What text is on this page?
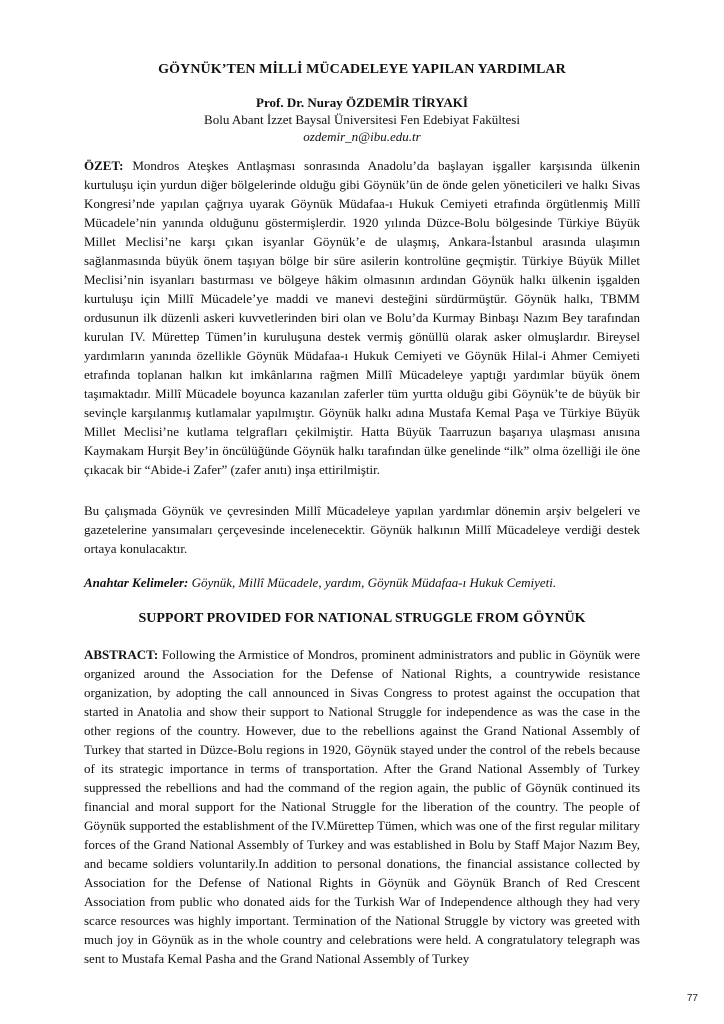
GÖYNÜK’TEN MİLLİ MÜCADELEYE YAPILAN YARDIMLAR
Prof. Dr. Nuray ÖZDEMİR TİRYAKİ
Bolu Abant İzzet Baysal Üniversitesi Fen Edebiyat Fakültesi
ozdemir_n@ibu.edu.tr

ÖZET: Mondros Ateşkes Antlaşması sonrasında Anadolu’da başlayan işgaller karşısında ülkenin kurtuluşu için yurdun diğer bölgelerinde olduğu gibi Göynük’ün de önde gelen yöneticileri ve halkı Sivas Kongresi’nde yapılan çağrıya uyarak Göynük Müdafaa-ı Hukuk Cemiyeti etrafında örgütlenmiş Millî Mücadele’nin yanında olduğunu göstermişlerdir. 1920 yılında Düzce-Bolu bölgesinde Türkiye Büyük Millet Meclisi’ne karşı çıkan isyanlar Göynük’e de ulaşmış, Ankara-İstanbul arasında ulaşımın sağlanmasında büyük önem taşıyan bölge bir süre asilerin kontrolüne geçmiştir. Türkiye Büyük Millet Meclisi’nin isyanları bastırması ve bölgeye hâkim olmasının ardından Göynük halkı ülkenin işgalden kurtuluşu için Millî Mücadele’ye maddi ve manevi desteğini sürdürmüştür. Göynük halkı, TBMM ordusunun ilk düzenli askeri kuvvetlerinden biri olan ve Bolu’da Kurmay Binbaşı Nazım Bey tarafından kurulan IV. Mürettep Tümen’in kuruluşuna destek vermiş gönüllü olarak asker olmuşlardır. Bireysel yardımların yanında özellikle Göynük Müdafaa-ı Hukuk Cemiyeti ve Göynük Hilal-i Ahmer Cemiyeti etrafında toplanan halkın kıt imkânlarına rağmen Millî Mücadeleye yaptığı yardımlar büyük önem taşımaktadır. Millî Mücadele boyunca kazanılan zaferler tüm yurtta olduğu gibi Göynük’te de büyük bir sevinçle karşılanmış kutlamalar yapılmıştır. Göynük halkı adına Mustafa Kemal Paşa ve Türkiye Büyük Millet Meclisi’ne kutlama telgrafları çekilmiştir. Hatta Büyük Taarruzun başarıya ulaşması anısına Kaymakam Hurşit Bey’in öncülüğünde Göynük halkı tarafından ülke genelinde “ilk” olma özelliği ile öne çıkacak bir “Abide-i Zafer” (zafer anıtı) inşa ettirilmiştir.

Bu çalışmada Göynük ve çevresinden Millî Mücadeleye yapılan yardımlar dönemin arşiv belgeleri ve gazetelerine yansımaları çerçevesinde incelenecektir. Göynük halkının Millî Mücadeleye verdiği destek ortaya konulacaktır.

Anahtar Kelimeler: Göynük, Millî Mücadele, yardım, Göynük Müdafaa-ı Hukuk Cemiyeti.
SUPPORT PROVIDED FOR NATIONAL STRUGGLE FROM GÖYNÜK

ABSTRACT: Following the Armistice of Mondros, prominent administrators and public in Göynük were organized around the Association for the Defense of National Rights, a countrywide resistance organization, by adopting the call announced in Sivas Congress to protest against the occupation that started in Anatolia and show their support to National Struggle for independence as was the case in the other regions of the country. However, due to the rebellions against the Grand National Assembly of Turkey that started in Düzce-Bolu regions in 1920, Göynük stayed under the control of the rebels because of its strategic importance in terms of transportation. After the Grand National Assembly of Turkey suppressed the rebellions and had the command of the region again, the public of Göynük continued its financial and moral support for the National Struggle for the liberation of the country. The people of Göynük supported the establishment of the IV.Mürettep Tümen, which was one of the first regular military forces of the Grand National Assembly of Turkey and was established in Bolu by Staff Major Nazım Bey, and became soldiers voluntarily.In addition to personal donations, the financial assistance collected by Association for the Defense of National Rights in Göynük and Göynük Branch of Red Crescent Association from public who donated aids for the Turkish War of Independence although they had very scarce resources was highly important. Termination of the National Struggle by victory was greeted with much joy in Göynük as in the whole country and celebrations were held. A congratulatory telegraph was sent to Mustafa Kemal Pasha and the Grand National Assembly of Turkey

77
